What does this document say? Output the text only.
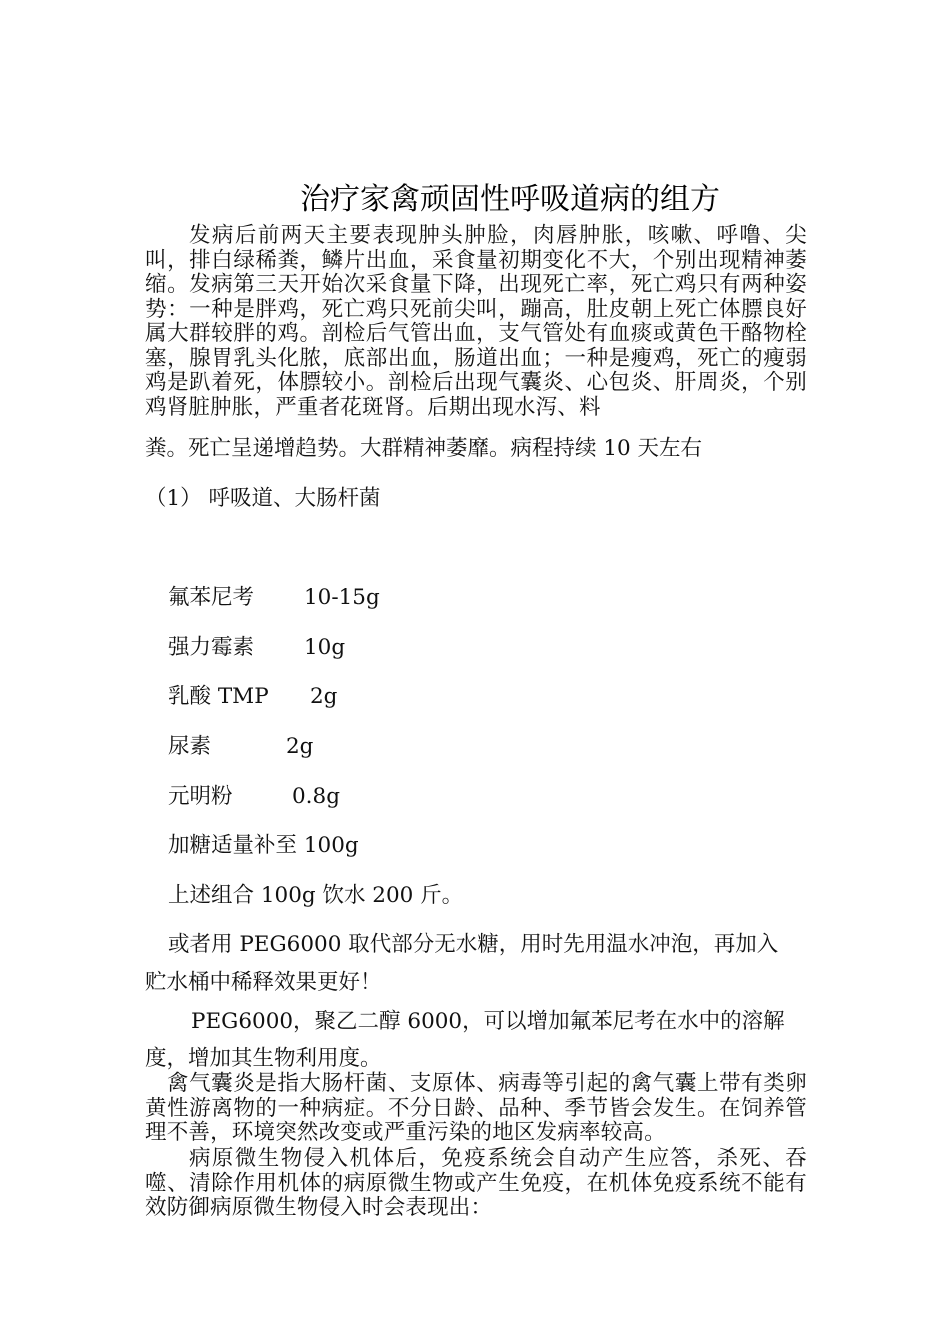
治疗家禽顽固性呼吸道病的组方
发病后前两天主要表现肿头肿脸，肉唇肿胀，咳嗽、呼噜、尖叫，排白绿稀粪，鳞片出血，采食量初期变化不大，个别出现精神萎缩。发病第三天开始次采食量下降，出现死亡率，死亡鸡只有两种姿势：一种是胖鸡，死亡鸡只死前尖叫，蹦高，肚皮朝上死亡体膘良好属大群较胖的鸡。剖检后气管出血，支气管处有血痰或黄色干酪物栓塞，腺胃乳头化脓，底部出血，肠道出血；一种是瘦鸡，死亡的瘦弱鸡是趴着死，体膘较小。剖检后出现气囊炎、心包炎、肝周炎，个别鸡肾脏肿胀，严重者花斑肾。后期出现水泻、料
粪。死亡呈递增趋势。大群精神萎靡。病程持续 10 天左右
（1） 呼吸道、大肠杆菌
氟苯尼考 10-15g
强力霉素 10g
乳酸 TMP 2g
尿素	2g
元明粉	0.8g
加糖适量补至 100g
上述组合 100g 饮水 200 斤。
或者用 PEG6000 取代部分无水糖，用时先用温水冲泡，再加入
贮水桶中稀释效果更好！
PEG6000，聚乙二醇 6000，可以增加氟苯尼考在水中的溶解
度，增加其生物利用度。
禽气囊炎是指大肠杆菌、支原体、病毒等引起的禽气囊上带有类卵黄性游离物的一种病症。不分日龄、品种、季节皆会发生。在饲养管理不善，环境突然改变或严重污染的地区发病率较高。
病原微生物侵入机体后，免疫系统会自动产生应答，杀死、吞噬、清除作用机体的病原微生物或产生免疫，在机体免疫系统不能有效防御病原微生物侵入时会表现出：
